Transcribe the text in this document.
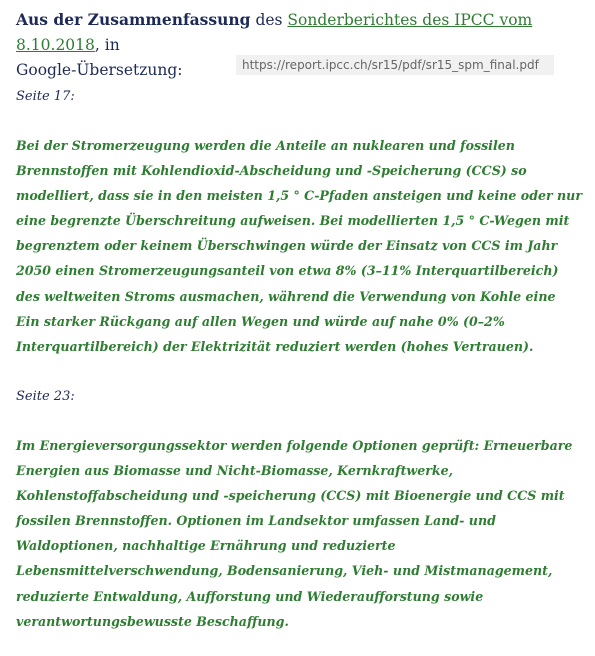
Aus der Zusammenfassung des Sonderberichtes des IPCC vom 8.10.2018, in
Google-Übersetzung:	https://report.ipcc.ch/sr15/pdf/sr15_spm_final.pdf

Seite 17:

Bei der Stromerzeugung werden die Anteile an nuklearen und fossilen
Brennstoffen mit Kohlendioxid-Abscheidung und -Speicherung (CCS) so
modelliert, dass sie in den meisten 1,5 ° C-Pfaden ansteigen und keine oder nur
eine begrenzte Überschreitung aufweisen. Bei modellierten 1,5 ° C-Wegen mit
begrenztem oder keinem Überschwingen würde der Einsatz von CCS im Jahr
2050 einen Stromerzeugungsanteil von etwa 8% (3–11% Interquartilbereich)
des weltweiten Stroms ausmachen, während die Verwendung von Kohle eine
Ein starker Rückgang auf allen Wegen und würde auf nahe 0% (0–2%
Interquartilbereich) der Elektrizität reduziert werden (hohes Vertrauen).

Seite 23:

Im Energieversorgungssektor werden folgende Optionen geprüft: Erneuerbare
Energien aus Biomasse und Nicht-Biomasse, Kernkraftwerke,
Kohlenstoffabscheidung und -speicherung (CCS) mit Bioenergie und CCS mit
fossilen Brennstoffen. Optionen im Landsektor umfassen Land- und
Waldoptionen, nachhaltige Ernährung und reduzierte
Lebensmittelverschwendung, Bodensanierung, Vieh- und Mistmanagement,
reduzierte Entwaldung, Aufforstung und Wiederaufforstung sowie
verantwortungsbewusste Beschaffung.
